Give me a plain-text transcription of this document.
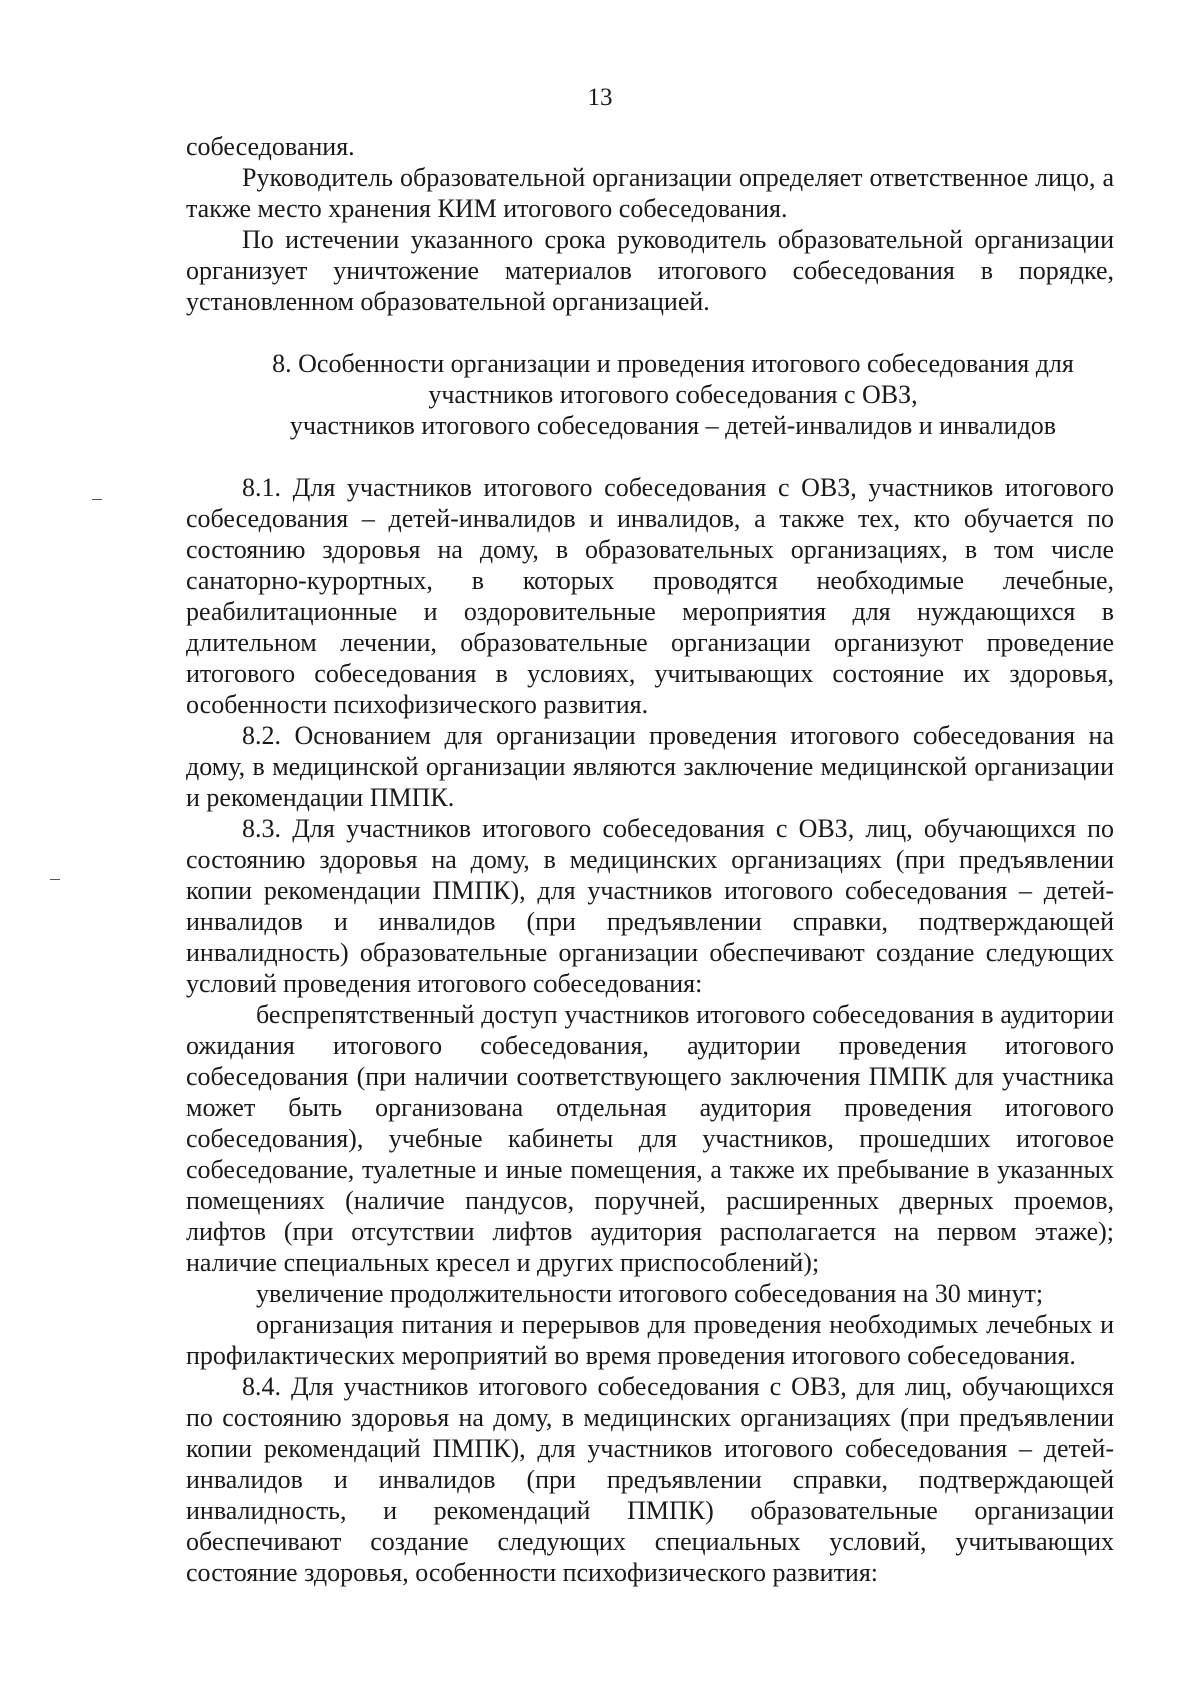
13

собеседования.

Руководитель образовательной организации определяет ответственное лицо, а также место хранения КИМ итогового собеседования.

По истечении указанного срока руководитель образовательной организации организует уничтожение материалов итогового собеседования в порядке, установленном образовательной организацией.

8. Особенности организации и проведения итогового собеседования для
участников итогового собеседования с ОВЗ,
участников итогового собеседования – детей-инвалидов и инвалидов

8.1. Для участников итогового собеседования с ОВЗ, участников итогового собеседования – детей-инвалидов и инвалидов, а также тех, кто обучается по состоянию здоровья на дому, в образовательных организациях, в том числе санаторно-курортных, в которых проводятся необходимые лечебные, реабилитационные и оздоровительные мероприятия для нуждающихся в длительном лечении, образовательные организации организуют проведение итогового собеседования в условиях, учитывающих состояние их здоровья, особенности психофизического развития.

8.2. Основанием для организации проведения итогового собеседования на дому, в медицинской организации являются заключение медицинской организации и рекомендации ПМПК.

8.3. Для участников итогового собеседования с ОВЗ, лиц, обучающихся по состоянию здоровья на дому, в медицинских организациях (при предъявлении копии рекомендации ПМПК), для участников итогового собеседования – детей-инвалидов и инвалидов (при предъявлении справки, подтверждающей инвалидность) образовательные организации обеспечивают создание следующих условий проведения итогового собеседования:

беспрепятственный доступ участников итогового собеседования в аудитории ожидания итогового собеседования, аудитории проведения итогового собеседования (при наличии соответствующего заключения ПМПК для участника может быть организована отдельная аудитория проведения итогового собеседования), учебные кабинеты для участников, прошедших итоговое собеседование, туалетные и иные помещения, а также их пребывание в указанных помещениях (наличие пандусов, поручней, расширенных дверных проемов, лифтов (при отсутствии лифтов аудитория располагается на первом этаже); наличие специальных кресел и других приспособлений);

увеличение продолжительности итогового собеседования на 30 минут;

организация питания и перерывов для проведения необходимых лечебных и профилактических мероприятий во время проведения итогового собеседования.

8.4. Для участников итогового собеседования с ОВЗ, для лиц, обучающихся по состоянию здоровья на дому, в медицинских организациях (при предъявлении копии рекомендаций ПМПК), для участников итогового собеседования – детей-инвалидов и инвалидов (при предъявлении справки, подтверждающей инвалидность, и рекомендаций ПМПК) образовательные организации обеспечивают создание следующих специальных условий, учитывающих состояние здоровья, особенности психофизического развития:
